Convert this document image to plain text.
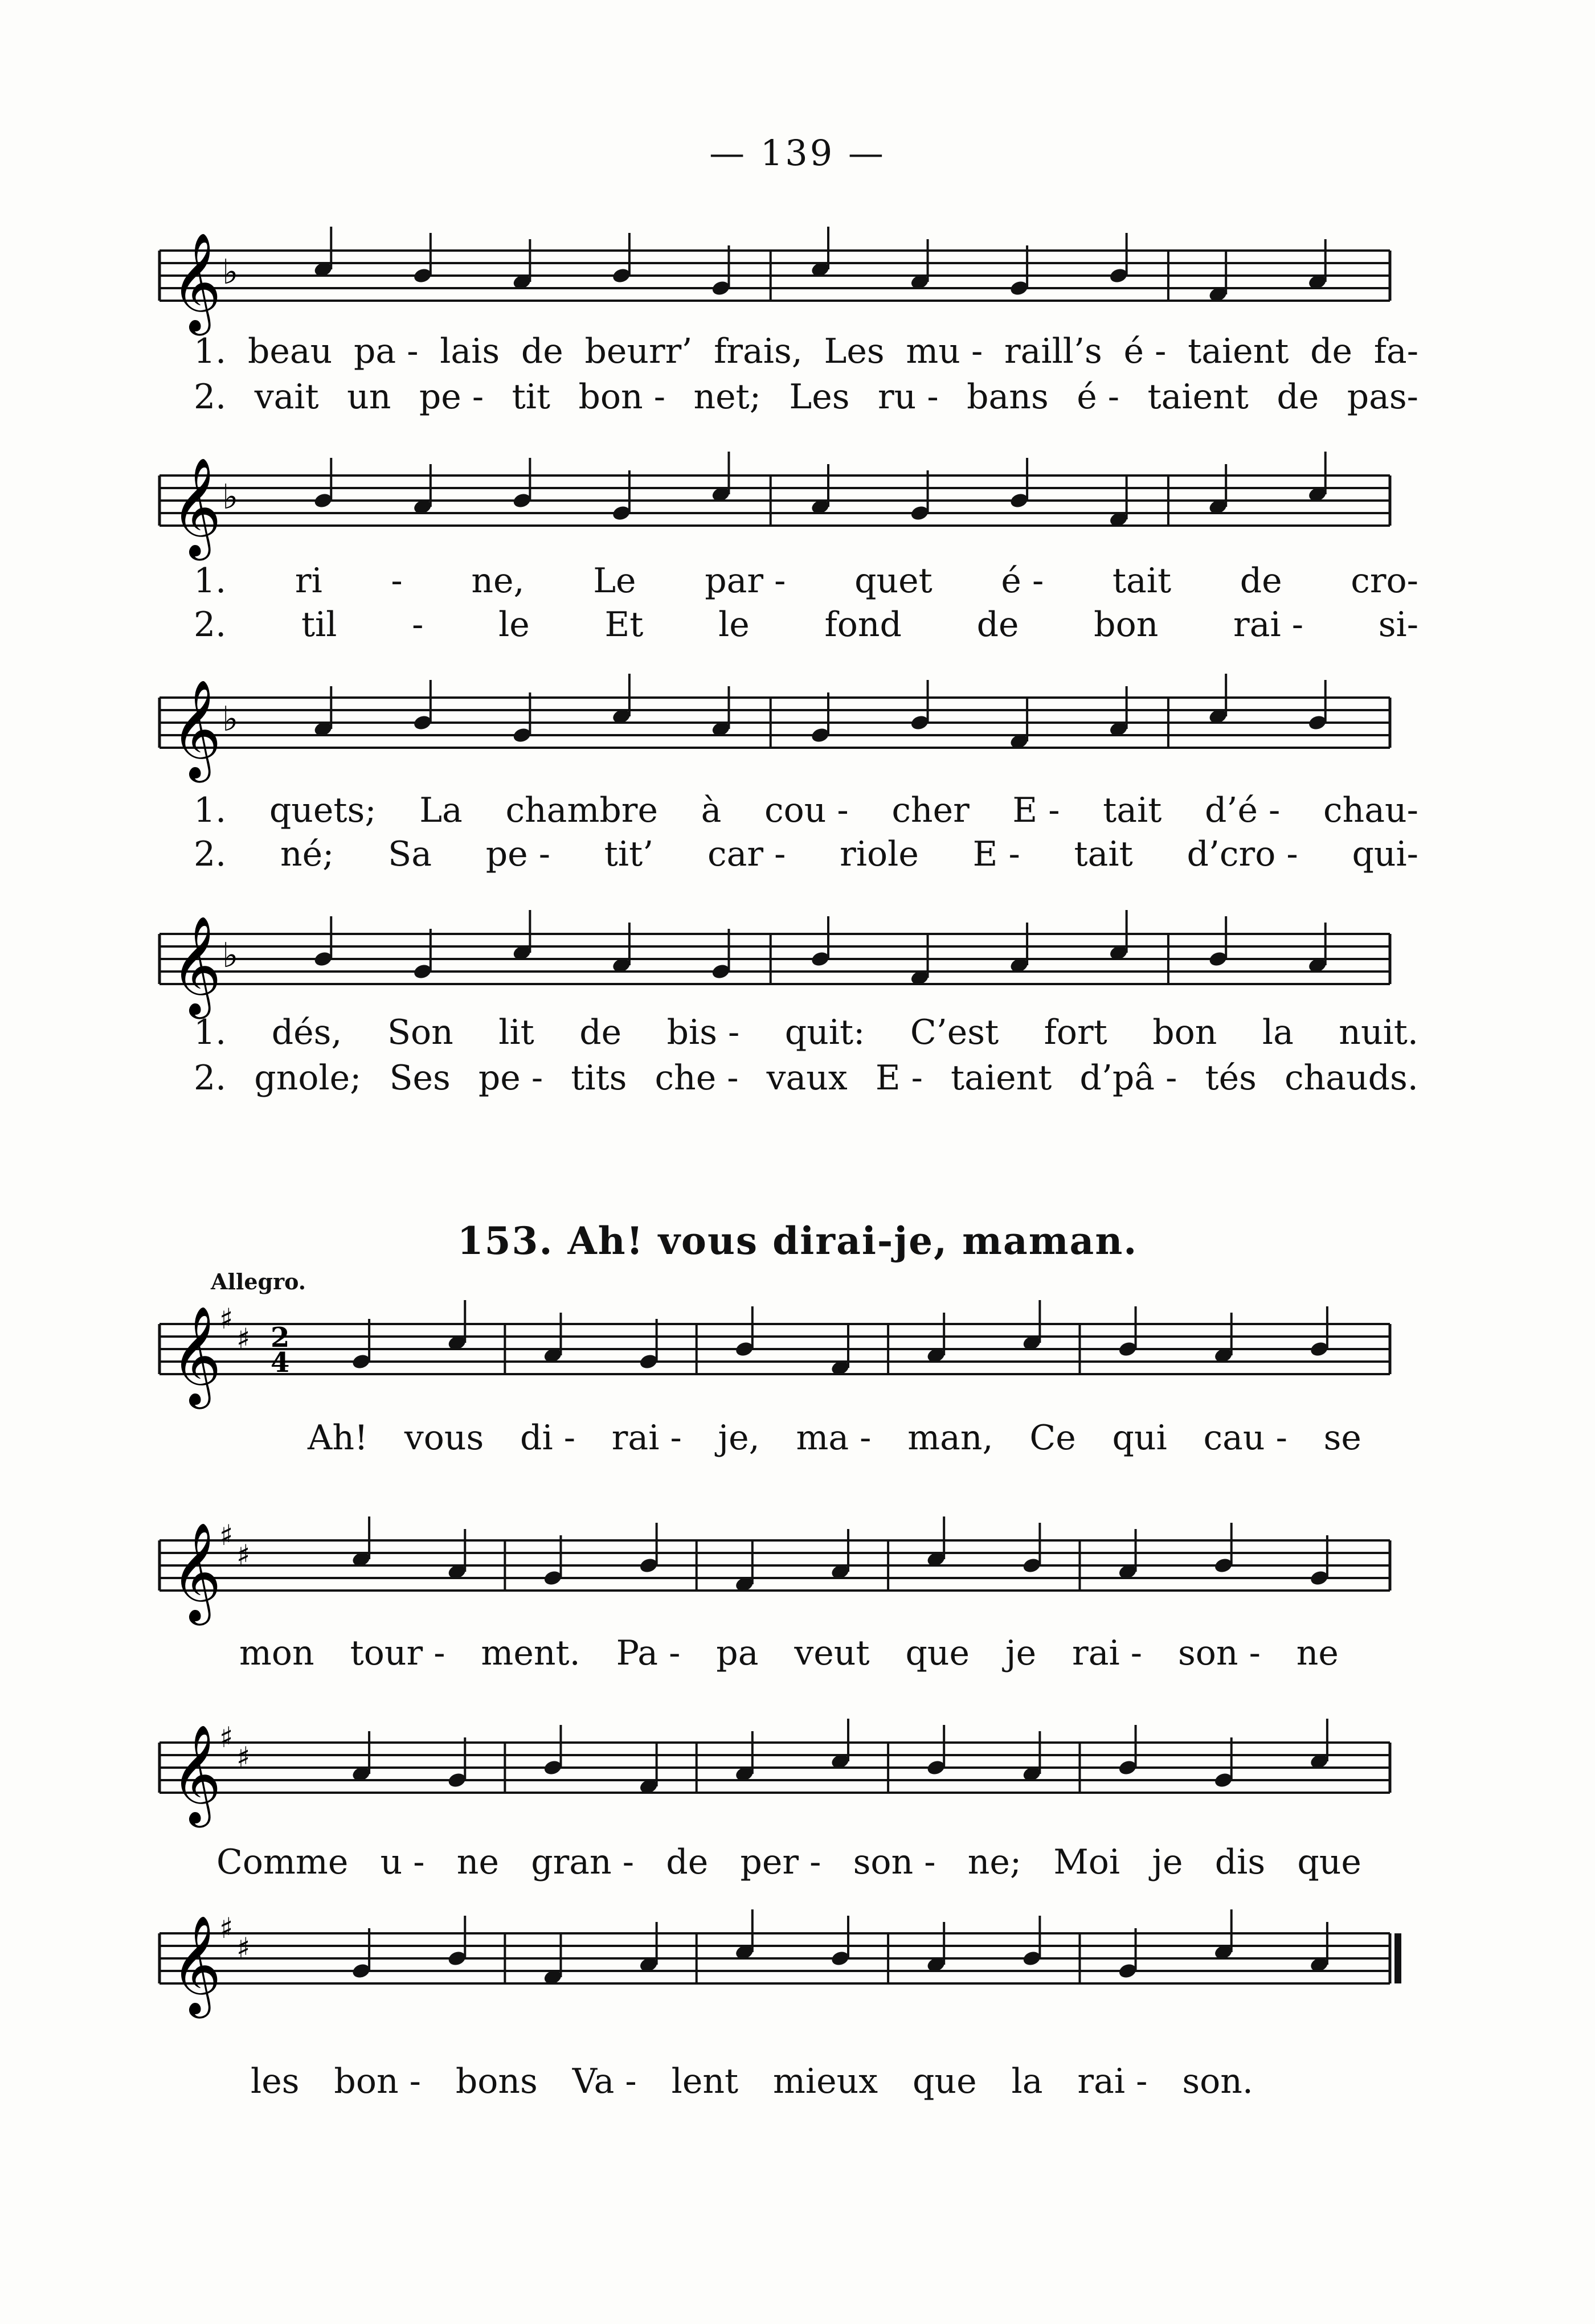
— 139 —
𝄞 ♭
1. beau pa - lais de beurr’ frais, Les mu - raill’s é - taient de fa-
2. vait un pe - tit bon - net; Les ru - bans é - taient de pas-
𝄞 ♭
1. ri - ne, Le par - quet é - tait de cro-
2. til - le Et le fond de bon rai - si-
𝄞 ♭
1. quets; La chambre à cou - cher E - tait d’é - chau-
2. né; Sa pe - tit’ car - riole E - tait d’cro - qui-
𝄞 ♭
1. dés, Son lit de bis - quit: C’est fort bon la nuit.
2. gnole; Ses pe - tits che - vaux E - taient d’pâ - tés chauds.
153. Ah! vous dirai-je, maman.
Allegro.
𝄞
♯
♯ 2
4
Ah! vous di - rai - je, ma - man, Ce qui cau - se
𝄞
♯
♯
mon tour - ment. Pa - pa veut que je rai - son - ne
𝄞
♯
♯
Comme u - ne gran - de per - son - ne; Moi je dis que
𝄞
♯
♯
les bon - bons Va - lent mieux que la rai - son.
